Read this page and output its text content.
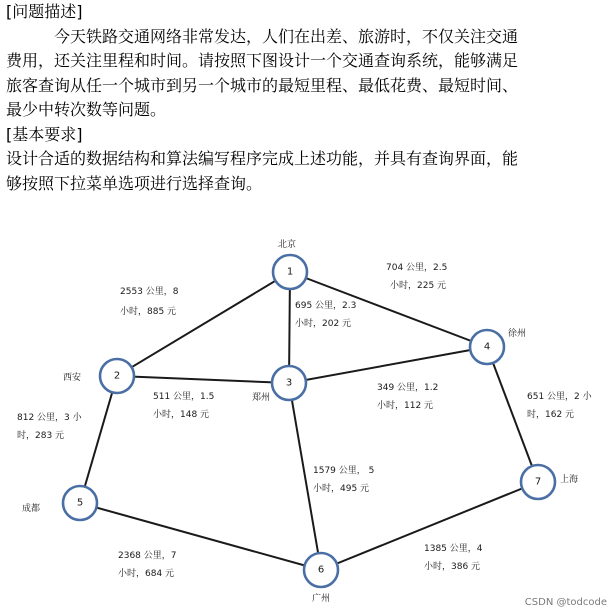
[问题描述]
今天铁路交通网络非常发达，人们在出差、旅游时，不仅关注交通
费用，还关注里程和时间。请按照下图设计一个交通查询系统，能够满足
旅客查询从任一个城市到另一个城市的最短里程、最低花费、最短时间、
最少中转次数等问题。
[基本要求]
设计合适的数据结构和算法编写程序完成上述功能，并具有查询界面，能
够按照下拉菜单选项进行选择查询。
1
2
3
4
5
6
7
北京
西安
郑州
徐州
成都
广州
上海
2553 公里，8
小时，885 元
695 公里，2.3
小时，202 元
704 公里，2.5
小时，225 元
511 公里，1.5
小时，148 元
812 公里，3 小
时，283 元
349 公里，1.2
小时，112 元
1579 公里， 5
小时，495 元
651 公里，2 小
时，162 元
2368 公里，7
小时，684 元
1385 公里，4
小时，386 元
CSDN @todcode
